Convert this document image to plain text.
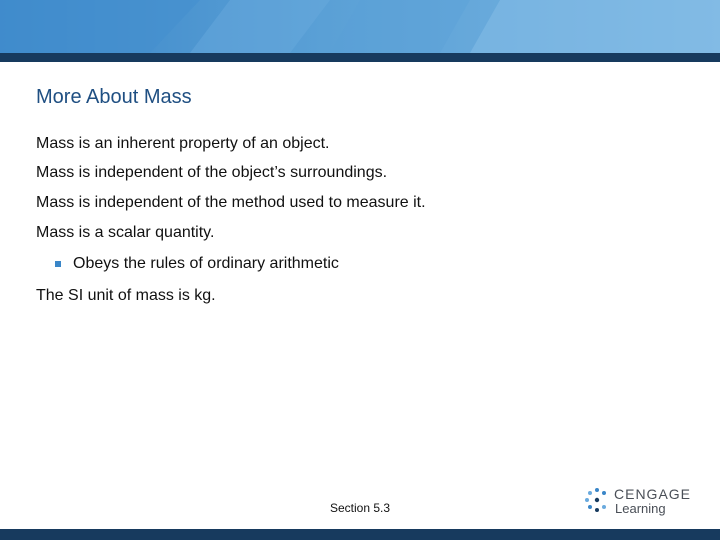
More About Mass
Mass is an inherent property of an object.
Mass is independent of the object’s surroundings.
Mass is independent of the method used to measure it.
Mass is a scalar quantity.
Obeys the rules of ordinary arithmetic
The SI unit of mass is kg.
Section 5.3
CENGAGE
Learning
